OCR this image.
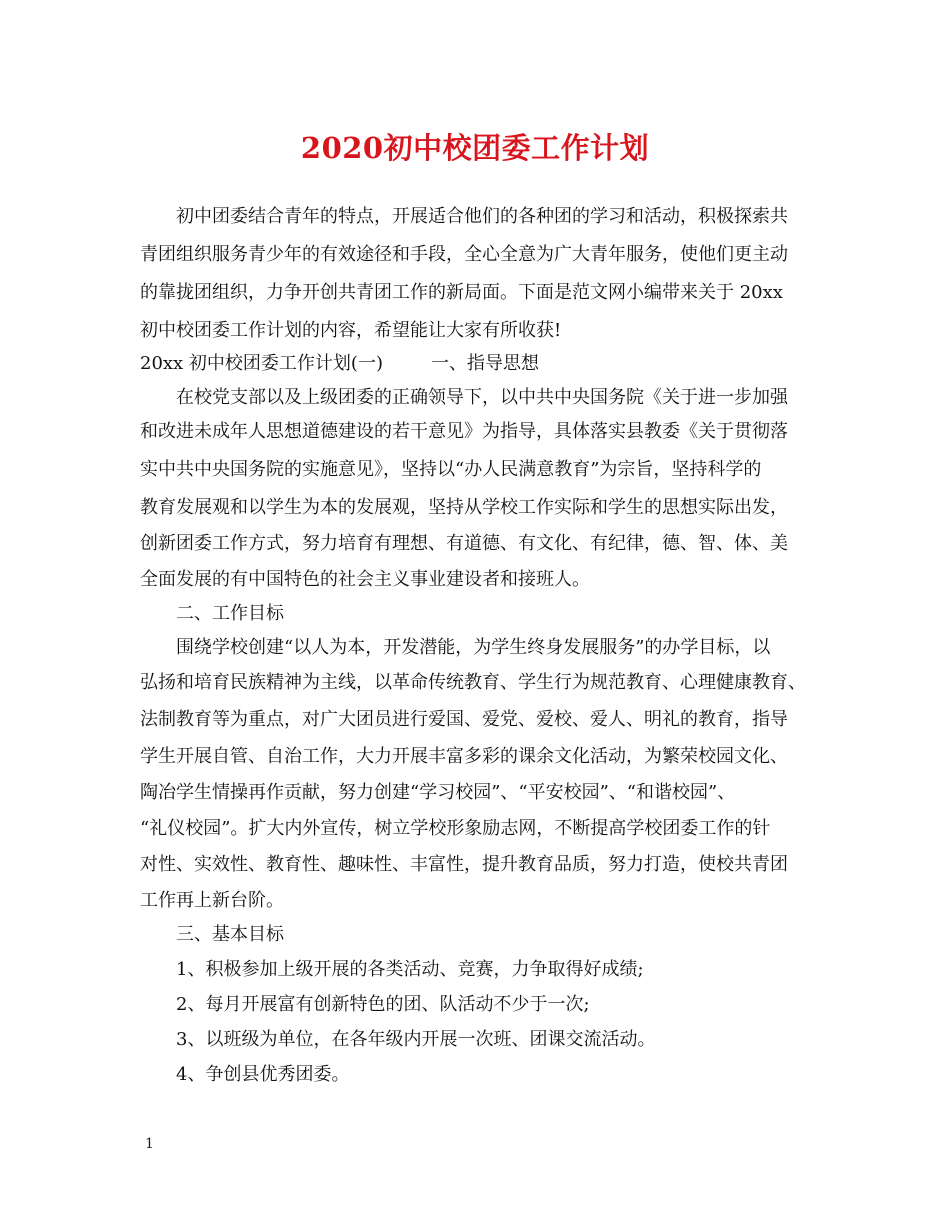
2020初中校团委工作计划
初中团委结合青年的特点，开展适合他们的各种团的学习和活动，积极探索共
青团组织服务青少年的有效途径和手段，全心全意为广大青年服务，使他们更主动
的靠拢团组织，力争开创共青团工作的新局面。下面是范文网小编带来关于 20xx
初中校团委工作计划的内容，希望能让大家有所收获!
20xx 初中校团委工作计划(一)	一、指导思想
在校党支部以及上级团委的正确领导下，以中共中央国务院《关于进一步加强
和改进未成年人思想道德建设的若干意见》为指导，具体落实县教委《关于贯彻落
实中共中央国务院的实施意见》，坚持以“办人民满意教育”为宗旨，坚持科学的
教育发展观和以学生为本的发展观，坚持从学校工作实际和学生的思想实际出发，
创新团委工作方式，努力培育有理想、有道德、有文化、有纪律，德、智、体、美
全面发展的有中国特色的社会主义事业建设者和接班人。
二、工作目标
围绕学校创建“以人为本，开发潜能，为学生终身发展服务”的办学目标，以
弘扬和培育民族精神为主线，以革命传统教育、学生行为规范教育、心理健康教育、
法制教育等为重点，对广大团员进行爱国、爱党、爱校、爱人、明礼的教育，指导
学生开展自管、自治工作，大力开展丰富多彩的课余文化活动，为繁荣校园文化、
陶冶学生情操再作贡献，努力创建“学习校园”、“平安校园”、“和谐校园”、
“礼仪校园”。扩大内外宣传，树立学校形象励志网，不断提高学校团委工作的针
对性、实效性、教育性、趣味性、丰富性，提升教育品质，努力打造，使校共青团
工作再上新台阶。
三、基本目标
1、积极参加上级开展的各类活动、竞赛，力争取得好成绩;
2、每月开展富有创新特色的团、队活动不少于一次;
3、以班级为单位，在各年级内开展一次班、团课交流活动。
4、争创县优秀团委。
1
